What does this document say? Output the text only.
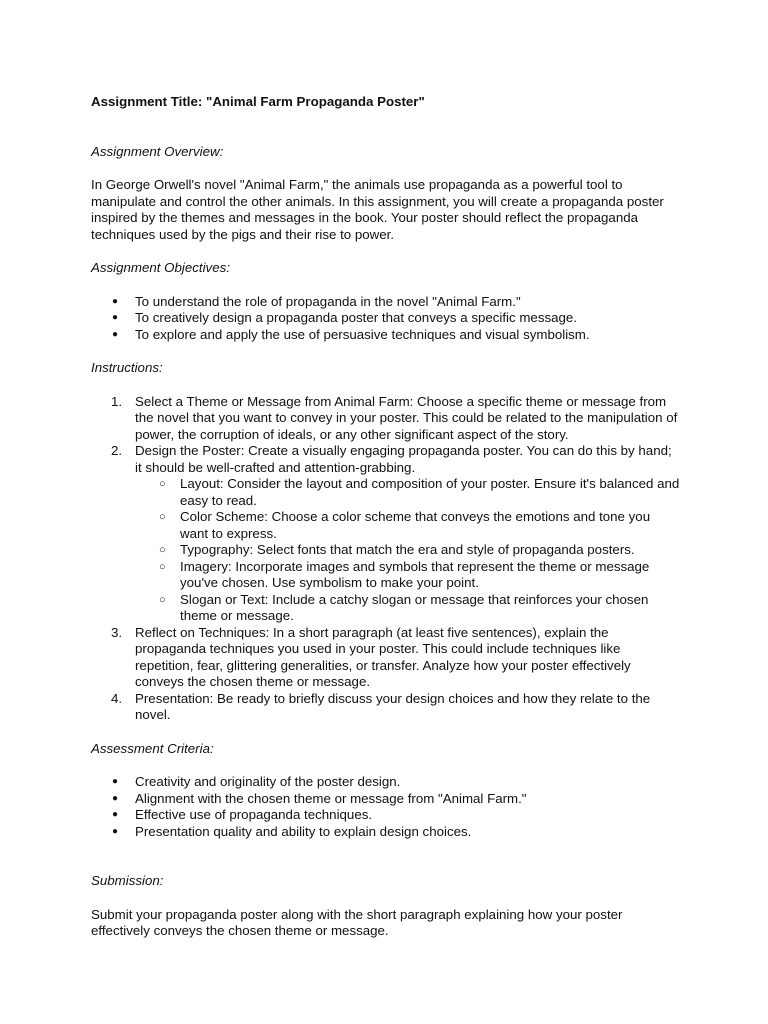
Assignment Title: "Animal Farm Propaganda Poster"

Assignment Overview:

In George Orwell's novel "Animal Farm," the animals use propaganda as a powerful tool to manipulate and control the other animals. In this assignment, you will create a propaganda poster inspired by the themes and messages in the book. Your poster should reflect the propaganda techniques used by the pigs and their rise to power.

Assignment Objectives:

● To understand the role of propaganda in the novel "Animal Farm."
● To creatively design a propaganda poster that conveys a specific message.
● To explore and apply the use of persuasive techniques and visual symbolism.

Instructions:

1. Select a Theme or Message from Animal Farm: Choose a specific theme or message from the novel that you want to convey in your poster. This could be related to the manipulation of power, the corruption of ideals, or any other significant aspect of the story.
2. Design the Poster: Create a visually engaging propaganda poster. You can do this by hand; it should be well-crafted and attention-grabbing.
○ Layout: Consider the layout and composition of your poster. Ensure it's balanced and easy to read.
○ Color Scheme: Choose a color scheme that conveys the emotions and tone you want to express.
○ Typography: Select fonts that match the era and style of propaganda posters.
○ Imagery: Incorporate images and symbols that represent the theme or message you've chosen. Use symbolism to make your point.
○ Slogan or Text: Include a catchy slogan or message that reinforces your chosen theme or message.
3. Reflect on Techniques: In a short paragraph (at least five sentences), explain the propaganda techniques you used in your poster. This could include techniques like repetition, fear, glittering generalities, or transfer. Analyze how your poster effectively conveys the chosen theme or message.
4. Presentation: Be ready to briefly discuss your design choices and how they relate to the novel.

Assessment Criteria:

● Creativity and originality of the poster design.
● Alignment with the chosen theme or message from "Animal Farm."
● Effective use of propaganda techniques.
● Presentation quality and ability to explain design choices.

Submission:

Submit your propaganda poster along with the short paragraph explaining how your poster effectively conveys the chosen theme or message.
